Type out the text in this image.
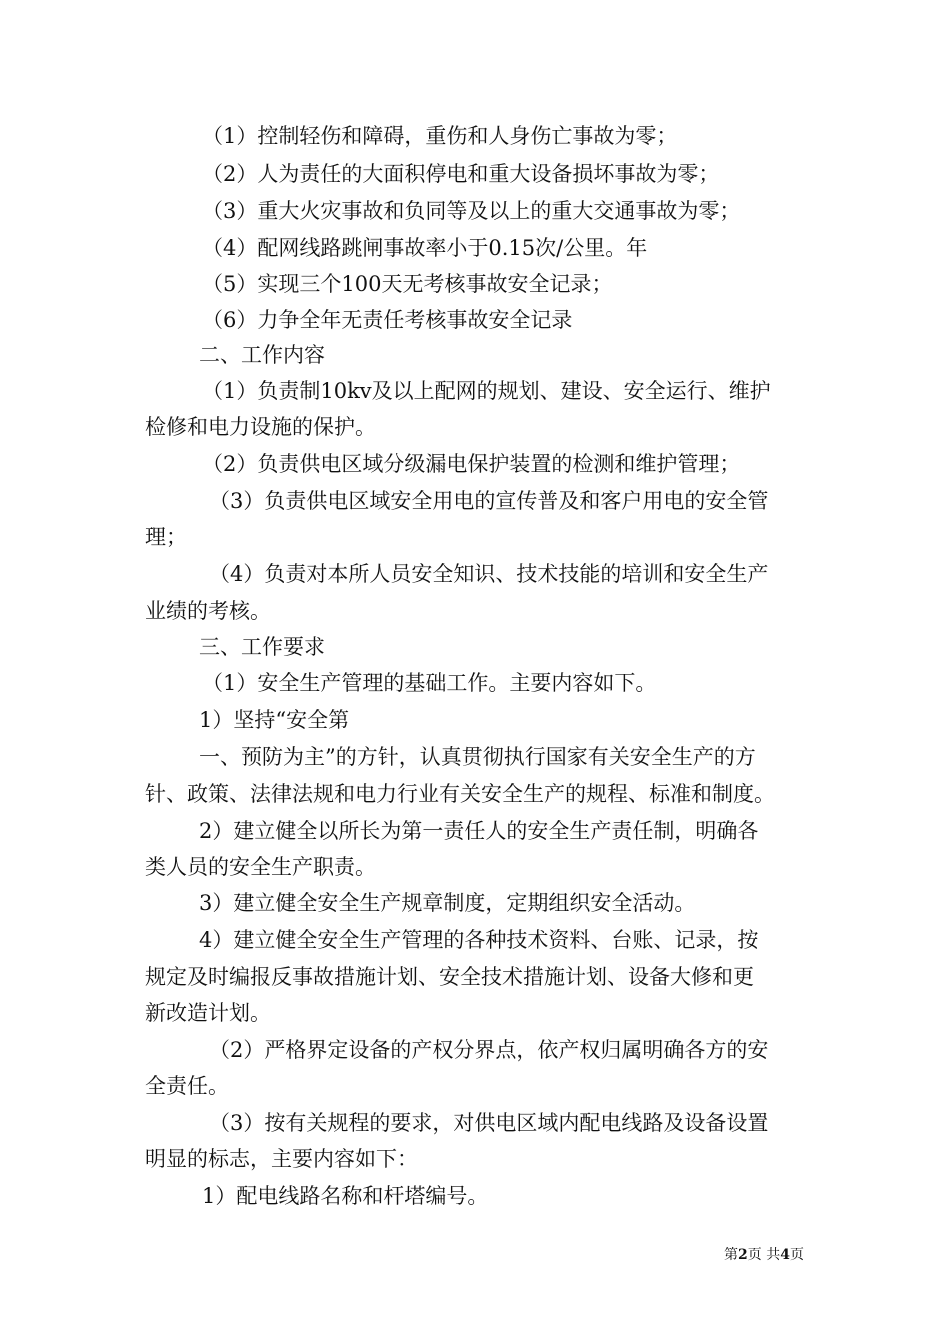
（1）控制轻伤和障碍，重伤和人身伤亡事故为零；
（2）人为责任的大面积停电和重大设备损坏事故为零；
（3）重大火灾事故和负同等及以上的重大交通事故为零；
（4）配网线路跳闸事故率小于0.15次/公里。年
（5）实现三个100天无考核事故安全记录；
（6）力争全年无责任考核事故安全记录
二、工作内容
（1）负责制10kv及以上配网的规划、建设、安全运行、维护
检修和电力设施的保护。
（2）负责供电区域分级漏电保护装置的检测和维护管理；
（3）负责供电区域安全用电的宣传普及和客户用电的安全管
理；
（4）负责对本所人员安全知识、技术技能的培训和安全生产
业绩的考核。
三、工作要求
（1）安全生产管理的基础工作。主要内容如下。
1）坚持“安全第
一、预防为主”的方针，认真贯彻执行国家有关安全生产的方
针、政策、法律法规和电力行业有关安全生产的规程、标准和制度。
2）建立健全以所长为第一责任人的安全生产责任制，明确各
类人员的安全生产职责。
3）建立健全安全生产规章制度，定期组织安全活动。
4）建立健全安全生产管理的各种技术资料、台账、记录，按
规定及时编报反事故措施计划、安全技术措施计划、设备大修和更
新改造计划。
（2）严格界定设备的产权分界点，依产权归属明确各方的安
全责任。
（3）按有关规程的要求，对供电区域内配电线路及设备设置
明显的标志，主要内容如下：
1）配电线路名称和杆塔编号。
第2页 共4页
